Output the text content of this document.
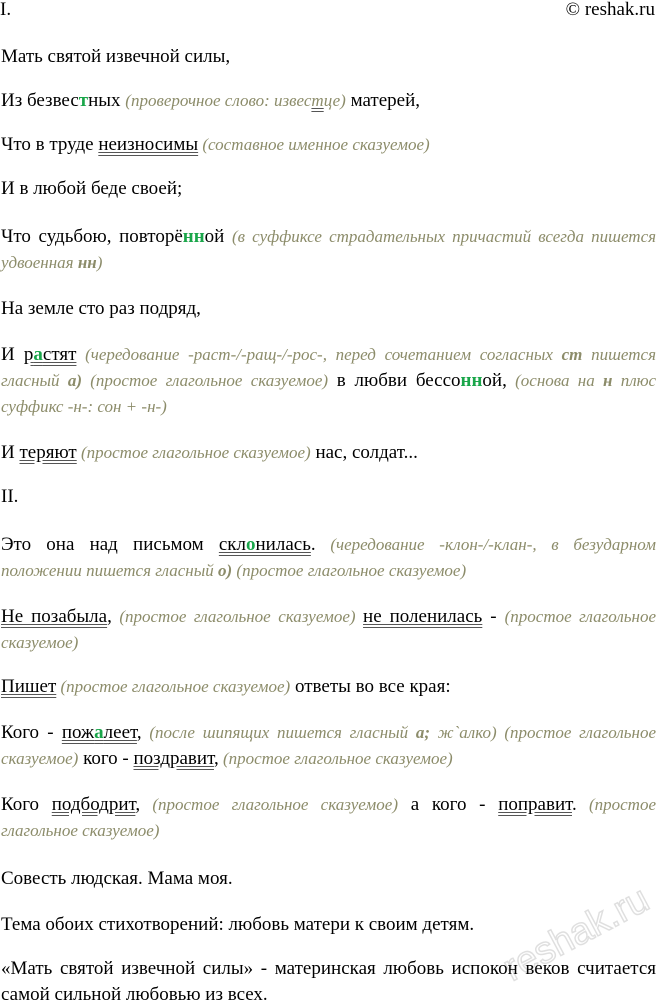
I.	© reshak.ru

Мать святой извечной силы,

Из безвестных (проверочное слово: известце) матерей,

Что в труде неизносимы (составное именное сказуемое)

И в любой беде своей;

Что судьбою, повторённой (в суффиксе страдательных причастий всегда пишется удвоенная нн)

На земле сто раз подряд,

И растят (чередование -раст-/-ращ-/-рос-, перед сочетанием согласных ст пишется гласный а) (простое глагольное сказуемое) в любви бессонной, (основа на н плюс суффикс -н-: сон + -н-)

И теряют (простое глагольное сказуемое) нас, солдат...

II.

Это она над письмом склонилась. (чередование -клон-/-клан-, в безударном положении пишется гласный о) (простое глагольное сказуемое)

Не позабыла, (простое глагольное сказуемое) не поленилась - (простое глагольное сказуемое)

Пишет (простое глагольное сказуемое) ответы во все края:

Кого - пожалеет, (после шипящих пишется гласный а; ж`алко) (простое глагольное сказуемое) кого - поздравит, (простое глагольное сказуемое)

Кого подбодрит, (простое глагольное сказуемое) а кого - поправит. (простое глагольное сказуемое)

Совесть людская. Мама моя.

Тема обоих стихотворений: любовь матери к своим детям.

«Мать святой извечной силы» - материнская любовь испокон веков считается самой сильной любовью из всех.

reshak.ru
